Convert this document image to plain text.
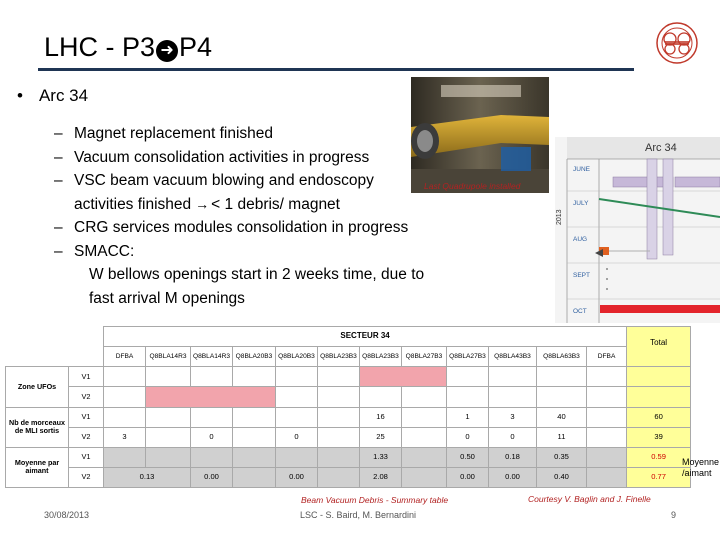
LHC - P3 ➜ P4
• Arc 34
– Magnet replacement finished
– Vacuum consolidation activities in progress
– VSC beam vacuum blowing and endoscopy
activities finished → < 1 debris/ magnet
– CRG services modules consolidation in progress
– SMACC:
W bellows openings start in 2 weeks time, due to
fast arrival M openings
Last Quadrupole installed
Arc 34
2013
JUNE
JULY
AUG
SEPT
OCT
		SECTEUR 34												Total
		DFBA	Q8BLA14R3	Q8BLA14R3	Q8BLA20B3	Q8BLA20B3	Q8BLA23B3	Q8BLA23B3	Q8BLA27B3	Q8BLA27B3	Q8BLA43B3	Q8BLA63B3	DFBA	
Zone UFOs	V1													
	V2													
Nb de morceaux de MLI sortis	V1							16		1	3	40		60
	V2	3		0		0		25		0	0	11		39
Moyenne par aimant	V1							1.33		0.50	0.18	0.35		0.59
	V2	0.13		0.00		0.00		2.08		0.00	0.00	0.40		0.77
Moyenne
/aimant
30/08/2013
Beam Vacuum Debris - Summary table
LSC - S. Baird, M. Bernardini
Courtesy V. Baglin and J. Finelle
9
